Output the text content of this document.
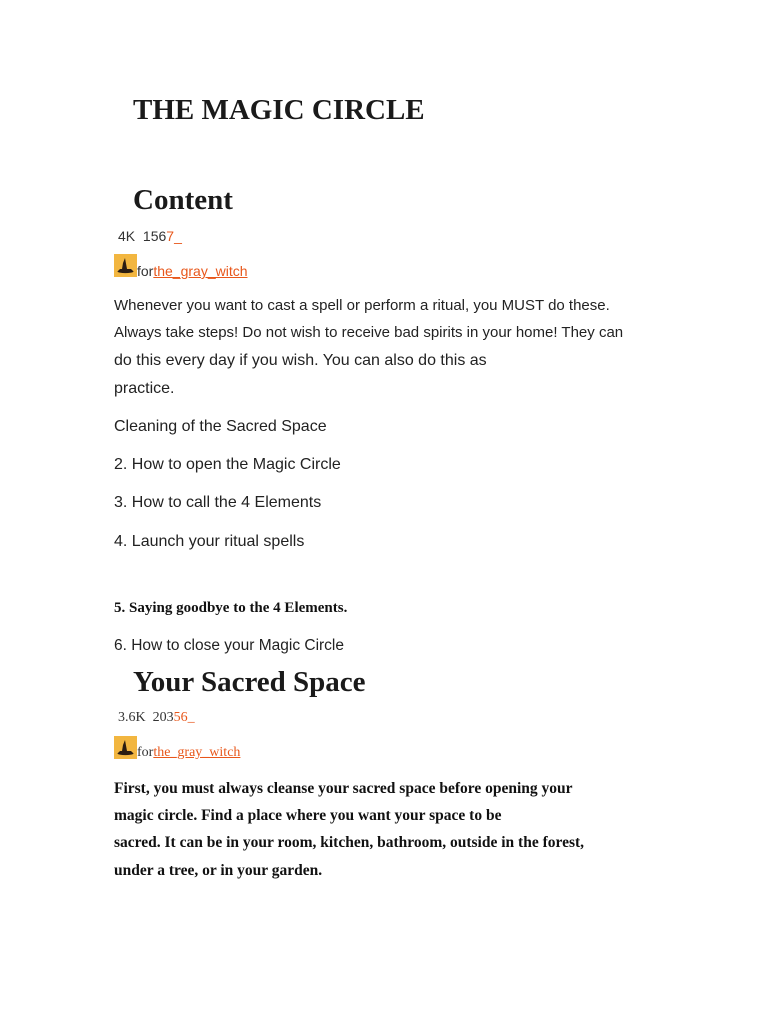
THE MAGIC CIRCLE
Content
4K 1567_
forthe_gray_witch
Whenever you want to cast a spell or perform a ritual, you MUST do these.
Always take steps! Do not wish to receive bad spirits in your home! They can
do this every day if you wish. You can also do this as
practice.
Cleaning of the Sacred Space
2. How to open the Magic Circle
3. How to call the 4 Elements
4. Launch your ritual spells
5. Saying goodbye to the 4 Elements.
6. How to close your Magic Circle
Your Sacred Space
3.6K 20356_
forthe_gray_witch
First, you must always cleanse your sacred space before opening your
magic circle. Find a place where you want your space to be
sacred. It can be in your room, kitchen, bathroom, outside in the forest,
under a tree, or in your garden.
